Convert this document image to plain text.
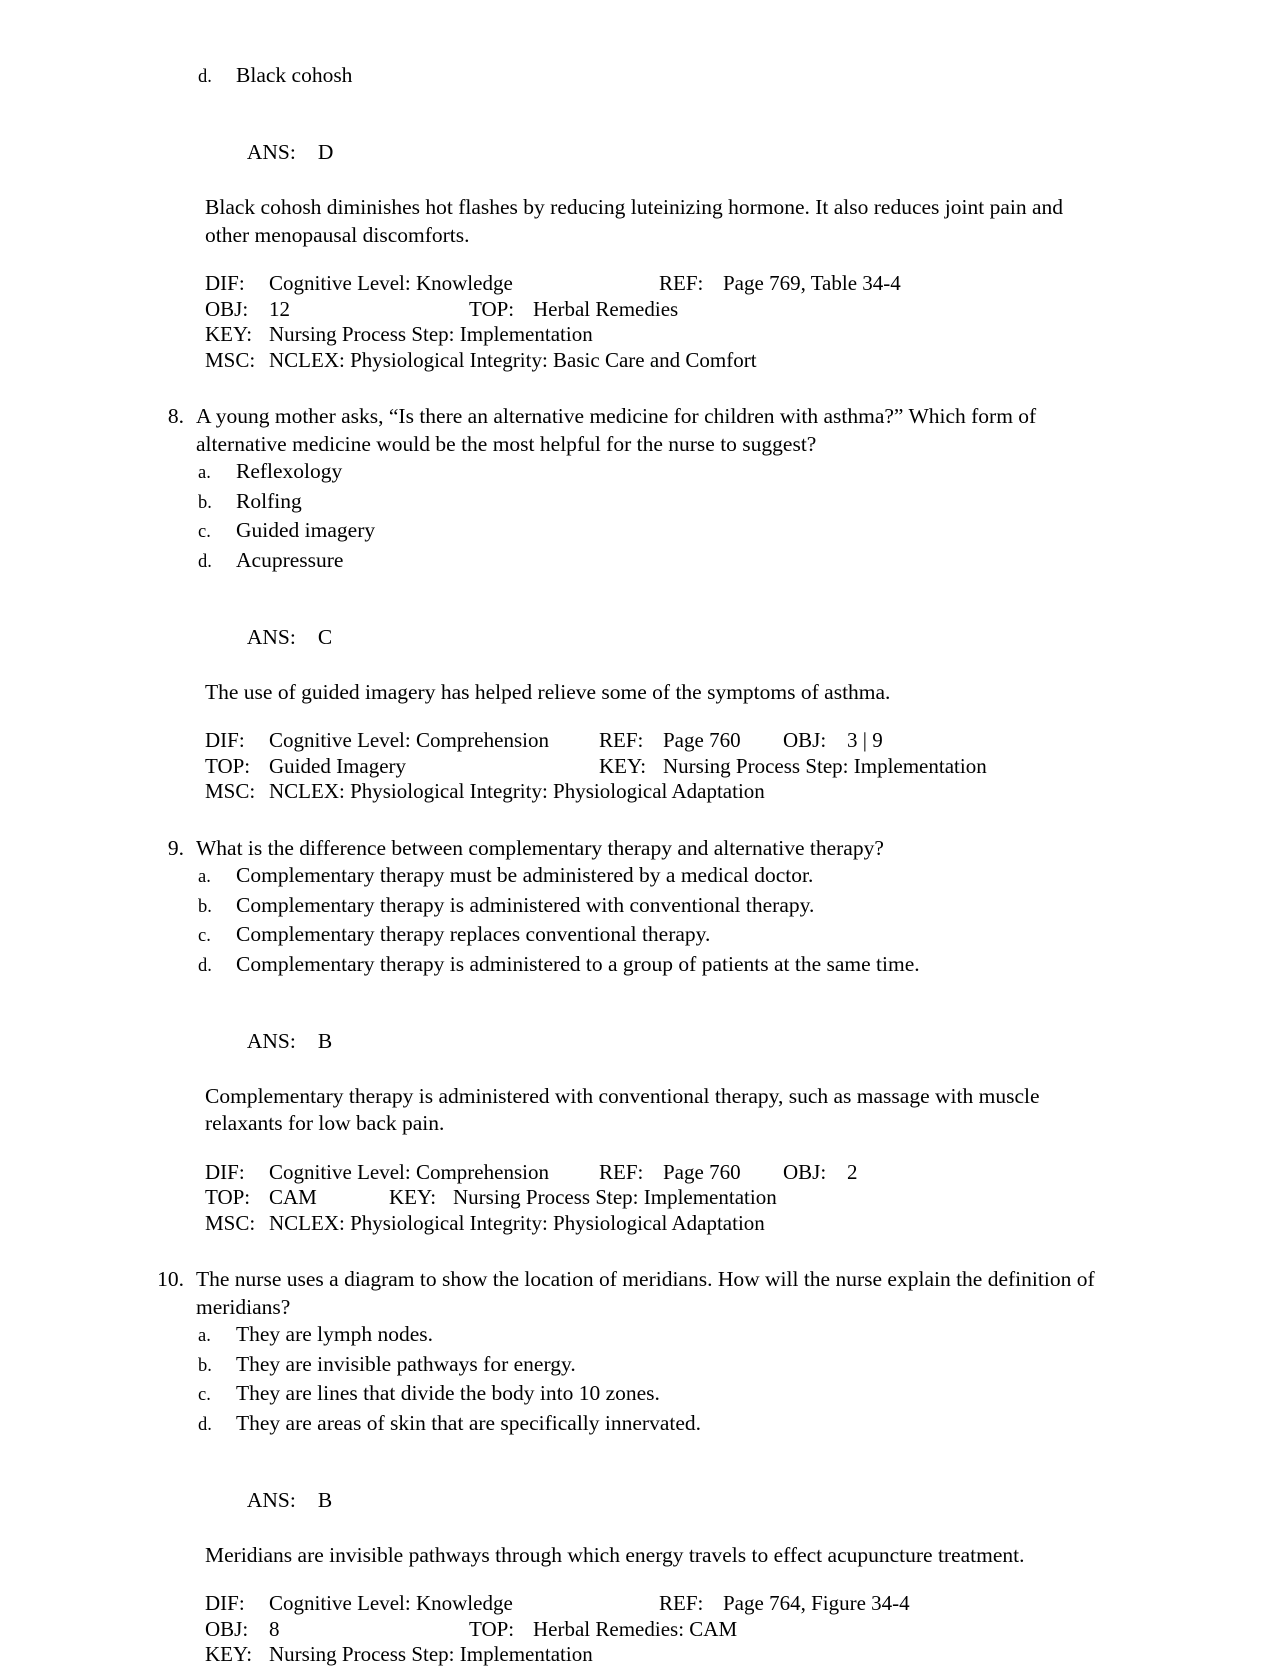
d.	Black cohosh

ANS: D

Black cohosh diminishes hot flashes by reducing luteinizing hormone. It also reduces joint pain and other menopausal discomforts.
DIF:	Cognitive Level: Knowledge	REF: Page 769, Table 34-4
OBJ: 12	TOP: Herbal Remedies
KEY: Nursing Process Step: Implementation
MSC: NCLEX: Physiological Integrity: Basic Care and Comfort
8. A young mother asks, “Is there an alternative medicine for children with asthma?” Which form of alternative medicine would be the most helpful for the nurse to suggest?
a.	Reflexology
b.	Rolfing
c.	Guided imagery
d.	Acupressure

ANS: C

The use of guided imagery has helped relieve some of the symptoms of asthma.
DIF:	Cognitive Level: Comprehension	REF: Page 760	OBJ: 3 | 9
TOP: Guided Imagery	KEY: Nursing Process Step: Implementation
MSC: NCLEX: Physiological Integrity: Physiological Adaptation
9. What is the difference between complementary therapy and alternative therapy?
a.	Complementary therapy must be administered by a medical doctor.
b.	Complementary therapy is administered with conventional therapy.
c.	Complementary therapy replaces conventional therapy.
d.	Complementary therapy is administered to a group of patients at the same time.

ANS: B

Complementary therapy is administered with conventional therapy, such as massage with muscle relaxants for low back pain.
DIF:	Cognitive Level: Comprehension	REF: Page 760	OBJ: 2
TOP: CAM	KEY: Nursing Process Step: Implementation
MSC: NCLEX: Physiological Integrity: Physiological Adaptation
10. The nurse uses a diagram to show the location of meridians. How will the nurse explain the definition of meridians?
a.	They are lymph nodes.
b.	They are invisible pathways for energy.
c.	They are lines that divide the body into 10 zones.
d.	They are areas of skin that are specifically innervated.

ANS: B

Meridians are invisible pathways through which energy travels to effect acupuncture treatment.
DIF:	Cognitive Level: Knowledge	REF: Page 764, Figure 34-4
OBJ: 8	TOP: Herbal Remedies: CAM
KEY: Nursing Process Step: Implementation
